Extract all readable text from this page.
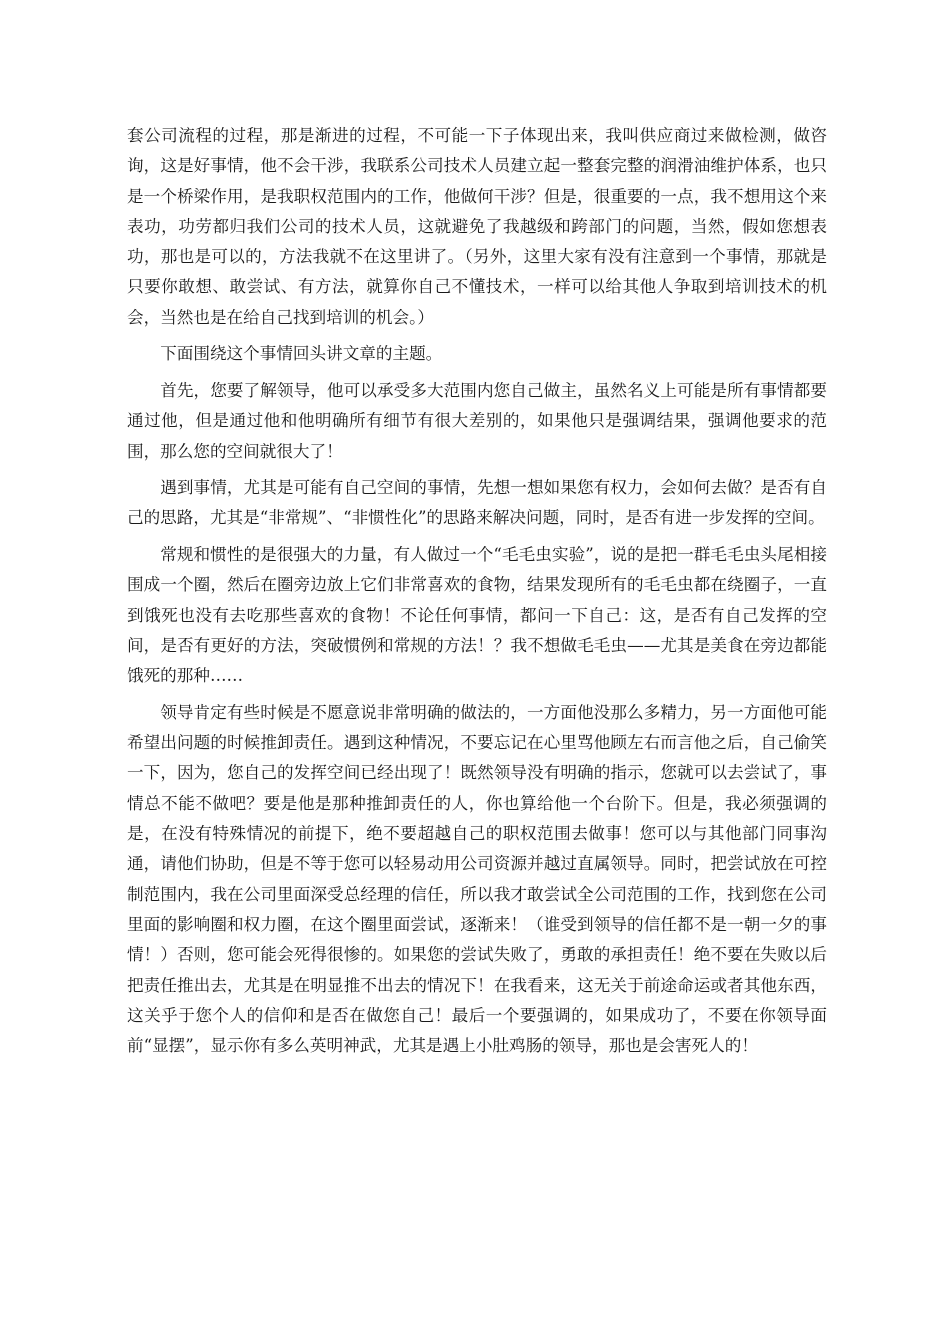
套公司流程的过程，那是渐进的过程，不可能一下子体现出来，我叫供应商过来做检测，做咨询，这是好事情，他不会干涉，我联系公司技术人员建立起一整套完整的润滑油维护体系，也只是一个桥梁作用，是我职权范围内的工作，他做何干涉？但是，很重要的一点，我不想用这个来表功，功劳都归我们公司的技术人员，这就避免了我越级和跨部门的问题，当然，假如您想表功，那也是可以的，方法我就不在这里讲了。（另外，这里大家有没有注意到一个事情，那就是只要你敢想、敢尝试、有方法，就算你自己不懂技术，一样可以给其他人争取到培训技术的机会，当然也是在给自己找到培训的机会。）

下面围绕这个事情回头讲文章的主题。

首先，您要了解领导，他可以承受多大范围内您自己做主，虽然名义上可能是所有事情都要通过他，但是通过他和他明确所有细节有很大差别的，如果他只是强调结果，强调他要求的范围，那么您的空间就很大了！

遇到事情，尤其是可能有自己空间的事情，先想一想如果您有权力，会如何去做？是否有自己的思路，尤其是“非常规”、“非惯性化”的思路来解决问题，同时，是否有进一步发挥的空间。

常规和惯性的是很强大的力量，有人做过一个“毛毛虫实验”，说的是把一群毛毛虫头尾相接围成一个圈，然后在圈旁边放上它们非常喜欢的食物，结果发现所有的毛毛虫都在绕圈子，一直到饿死也没有去吃那些喜欢的食物！不论任何事情，都问一下自己：这，是否有自己发挥的空间，是否有更好的方法，突破惯例和常规的方法！？我不想做毛毛虫——尤其是美食在旁边都能饿死的那种……

领导肯定有些时候是不愿意说非常明确的做法的，一方面他没那么多精力，另一方面他可能希望出问题的时候推卸责任。遇到这种情况，不要忘记在心里骂他顾左右而言他之后，自己偷笑一下，因为，您自己的发挥空间已经出现了！既然领导没有明确的指示，您就可以去尝试了，事情总不能不做吧？要是他是那种推卸责任的人，你也算给他一个台阶下。但是，我必须强调的是，在没有特殊情况的前提下，绝不要超越自己的职权范围去做事！您可以与其他部门同事沟通，请他们协助，但是不等于您可以轻易动用公司资源并越过直属领导。同时，把尝试放在可控制范围内，我在公司里面深受总经理的信任，所以我才敢尝试全公司范围的工作，找到您在公司里面的影响圈和权力圈，在这个圈里面尝试，逐渐来！（谁受到领导的信任都不是一朝一夕的事情！）否则，您可能会死得很惨的。如果您的尝试失败了，勇敢的承担责任！绝不要在失败以后把责任推出去，尤其是在明显推不出去的情况下！在我看来，这无关于前途命运或者其他东西，这关乎于您个人的信仰和是否在做您自己！最后一个要强调的，如果成功了，不要在你领导面前“显摆”，显示你有多么英明神武，尤其是遇上小肚鸡肠的领导，那也是会害死人的！
